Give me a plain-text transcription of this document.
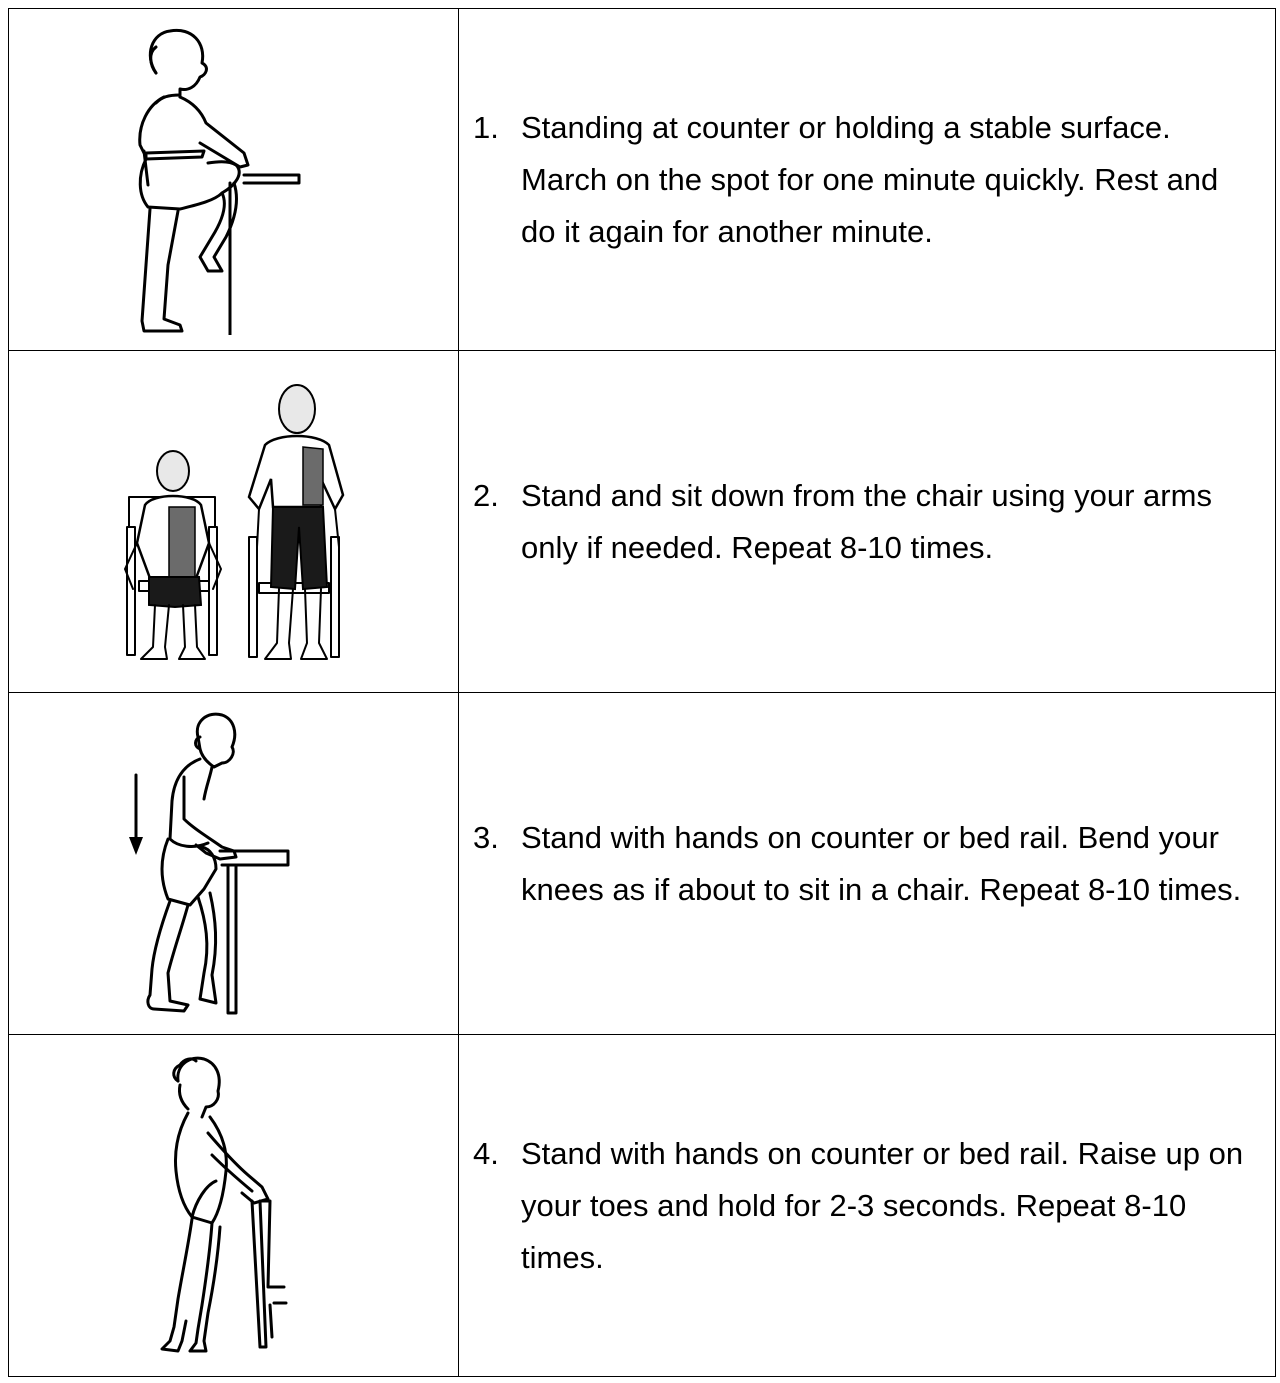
1. Standing at counter or holding a stable surface. March on the spot for one minute quickly. Rest and do it again for another minute.

2. Stand and sit down from the chair using your arms only if needed. Repeat 8-10 times.

3. Stand with hands on counter or bed rail. Bend your knees as if about to sit in a chair. Repeat 8-10 times.

4. Stand with hands on counter or bed rail. Raise up on your toes and hold for 2-3 seconds. Repeat 8-10 times.
